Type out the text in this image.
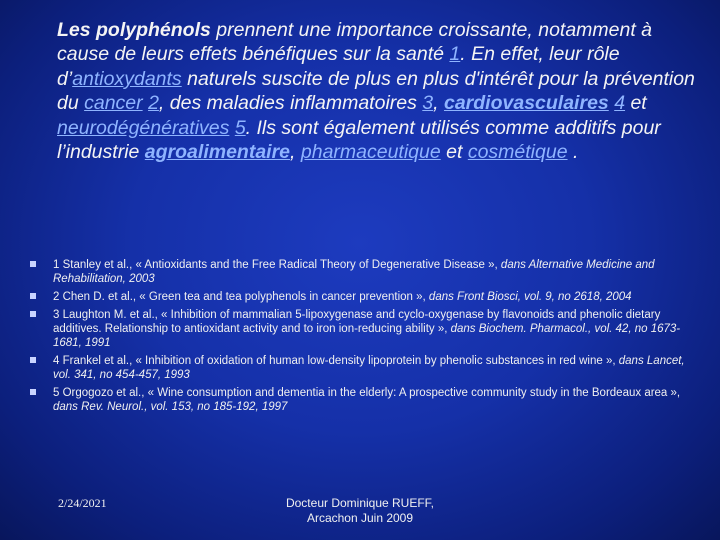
Les polyphénols prennent une importance croissante, notamment à cause de leurs effets bénéfiques sur la santé 1. En effet, leur rôle d’antioxydants naturels suscite de plus en plus d'intérêt pour la prévention du cancer 2, des maladies inflammatoires 3, cardiovasculaires 4 et neurodégénératives 5. Ils sont également utilisés comme additifs pour l’industrie agroalimentaire, pharmaceutique et cosmétique .
1 Stanley et al., « Antioxidants and the Free Radical Theory of Degenerative Disease », dans Alternative Medicine and Rehabilitation, 2003
2 Chen D. et al., « Green tea and tea polyphenols in cancer prevention », dans Front Biosci, vol. 9, no 2618, 2004
3 Laughton M. et al., « Inhibition of mammalian 5-lipoxygenase and cyclo-oxygenase by flavonoids and phenolic dietary additives. Relationship to antioxidant activity and to iron ion-reducing ability », dans Biochem. Pharmacol., vol. 42, no 1673-1681, 1991
4 Frankel et al., « Inhibition of oxidation of human low-density lipoprotein by phenolic substances in red wine », dans Lancet, vol. 341, no 454-457, 1993
5 Orgogozo et al., « Wine consumption and dementia in the elderly: A prospective community study in the Bordeaux area », dans Rev. Neurol., vol. 153, no 185-192, 1997
2/24/2021	Docteur Dominique RUEFF,
Arcachon Juin 2009
